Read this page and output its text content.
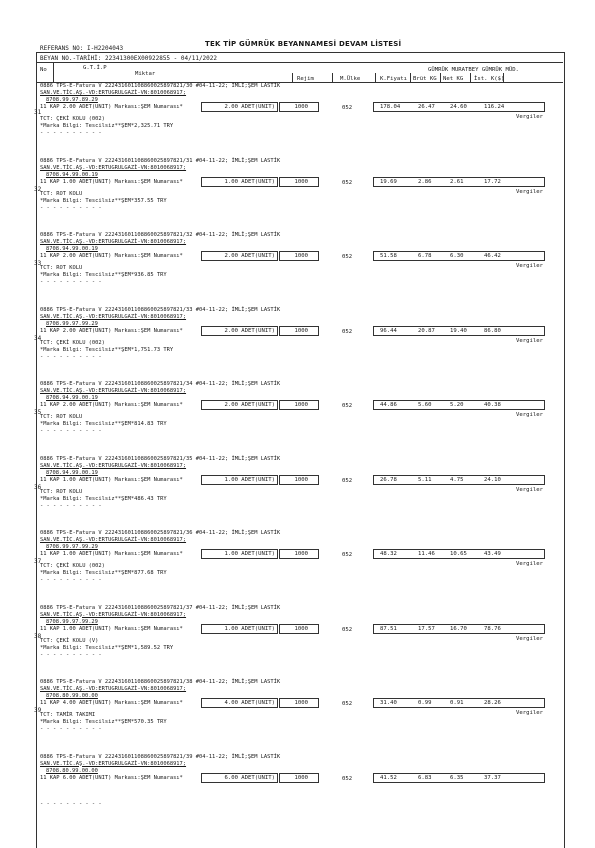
TEK TİP GÜMRÜK BEYANNAMESİ DEVAM LİSTESİ
REFERANS NO: I-H2204043
BEYAN NO.-TARİHİ: 22341300EX00922855 - 04/11/2022
No	G.T.İ.P
Miktar
Rejim	M.Ülke	K.Fiyatı
GÜMRÜK MURATBEY GÜMRÜK MÜD.
Brüt KG Net KG İst. K($)
31
0886 TPS-E-Fatura V 222431601108860025897821/30 #04-11-22; İMLİ;ŞEM LASTİK
SAN.VE.TİC.AŞ.-VD:ERTUGRULGAZİ-VN:8010068917;
8708.99.97.89.29
11 KAP 2.00 ADET(UNIT) Markası:ŞEM Numarası*	2.00 ADET(UNIT)	1000	052	178.04	26.47	24.60	116.24
Vergiler
TCT: ÇEKİ KOLU (002)
*Marka Bilgi: Tescilsiz**ŞEM*2,325.71 TRY
- - - - - - - - - -
32
0886 TPS-E-Fatura V 222431601108860025897821/31 #04-11-22; İMLİ;ŞEM LASTİK
SAN.VE.TİC.AŞ.-VD:ERTUGRULGAZİ-VN:8010068917;
8708.94.99.00.19
11 KAP 1.00 ADET(UNIT) Markası:ŞEM Numarası*	1.00 ADET(UNIT)	1000	052	19.69	2.86	2.61	17.72
Vergiler
TCT: ROT KOLU
*Marka Bilgi: Tescilsiz**ŞEM*357.55 TRY
- - - - - - - - - -
33
0886 TPS-E-Fatura V 222431601108860025897821/32 #04-11-22; İMLİ;ŞEM LASTİK
SAN.VE.TİC.AŞ.-VD:ERTUGRULGAZİ-VN:8010068917;
8708.94.99.00.19
11 KAP 2.00 ADET(UNIT) Markası:ŞEM Numarası*	2.00 ADET(UNIT)	1000	052	51.58	6.78	6.30	46.42
Vergiler
TCT: ROT KOLU
*Marka Bilgi: Tescilsiz**ŞEM*936.85 TRY
- - - - - - - - - -
34
0886 TPS-E-Fatura V 222431601108860025897821/33 #04-11-22; İMLİ;ŞEM LASTİK
SAN.VE.TİC.AŞ.-VD:ERTUGRULGAZİ-VN:8010068917;
8708.99.97.99.29
11 KAP 2.00 ADET(UNIT) Markası:ŞEM Numarası*	2.00 ADET(UNIT)	1000	052	96.44	20.87	19.40	86.80
Vergiler
TCT: ÇEKİ KOLU (002)
*Marka Bilgi: Tescilsiz**ŞEM*1,751.73 TRY
- - - - - - - - - -
35
0886 TPS-E-Fatura V 222431601108860025897821/34 #04-11-22; İMLİ;ŞEM LASTİK
SAN.VE.TİC.AŞ.-VD:ERTUGRULGAZİ-VN:8010068917;
8708.94.99.00.19
11 KAP 2.00 ADET(UNIT) Markası:ŞEM Numarası*	2.00 ADET(UNIT)	1000	052	44.86	5.60	5.20	40.38
Vergiler
TCT: ROT KOLU
*Marka Bilgi: Tescilsiz**ŞEM*814.83 TRY
- - - - - - - - - -
36
0886 TPS-E-Fatura V 222431601108860025897821/35 #04-11-22; İMLİ;ŞEM LASTİK
SAN.VE.TİC.AŞ.-VD:ERTUGRULGAZİ-VN:8010068917;
8708.94.99.00.19
11 KAP 1.00 ADET(UNIT) Markası:ŞEM Numarası*	1.00 ADET(UNIT)	1000	052	26.78	5.11	4.75	24.10
Vergiler
TCT: ROT KOLU
*Marka Bilgi: Tescilsiz**ŞEM*486.43 TRY
- - - - - - - - - -
37
0886 TPS-E-Fatura V 222431601108860025897821/36 #04-11-22; İMLİ;ŞEM LASTİK
SAN.VE.TİC.AŞ.-VD:ERTUGRULGAZİ-VN:8010068917;
8708.99.97.99.29
11 KAP 1.00 ADET(UNIT) Markası:ŞEM Numarası*	1.00 ADET(UNIT)	1000	052	48.32	11.46	10.65	43.49
Vergiler
TCT: ÇEKİ KOLU (002)
*Marka Bilgi: Tescilsiz**ŞEM*877.68 TRY
- - - - - - - - - -
38
0886 TPS-E-Fatura V 222431601108860025897821/37 #04-11-22; İMLİ;ŞEM LASTİK
SAN.VE.TİC.AŞ.-VD:ERTUGRULGAZİ-VN:8010068917;
8708.99.97.99.29
11 KAP 1.00 ADET(UNIT) Markası:ŞEM Numarası*	1.00 ADET(UNIT)	1000	052	87.51	17.57	16.70	78.76
Vergiler
TCT: ÇEKİ KOLU (V)
*Marka Bilgi: Tescilsiz**ŞEM*1,589.52 TRY
- - - - - - - - - -
39
0886 TPS-E-Fatura V 222431601108860025897821/38 #04-11-22; İMLİ;ŞEM LASTİK
SAN.VE.TİC.AŞ.-VD:ERTUGRULGAZİ-VN:8010068917;
8708.80.99.00.00
11 KAP 4.00 ADET(UNIT) Markası:ŞEM Numarası*	4.00 ADET(UNIT)	1000	052	31.40	0.99	0.91	28.26
Vergiler
TCT: TAMİR TAKIMI
*Marka Bilgi: Tescilsiz**ŞEM*570.35 TRY
- - - - - - - - - -
0886 TPS-E-Fatura V 222431601108860025897821/39 #04-11-22; İMLİ;ŞEM LASTİK
SAN.VE.TİC.AŞ.-VD:ERTUGRULGAZİ-VN:8010068917;
8708.80.99.00.00
11 KAP 6.00 ADET(UNIT) Markası:ŞEM Numarası*	6.00 ADET(UNIT)	1000	052	41.52	6.83	6.35	37.37
- - - - - - - - - -
